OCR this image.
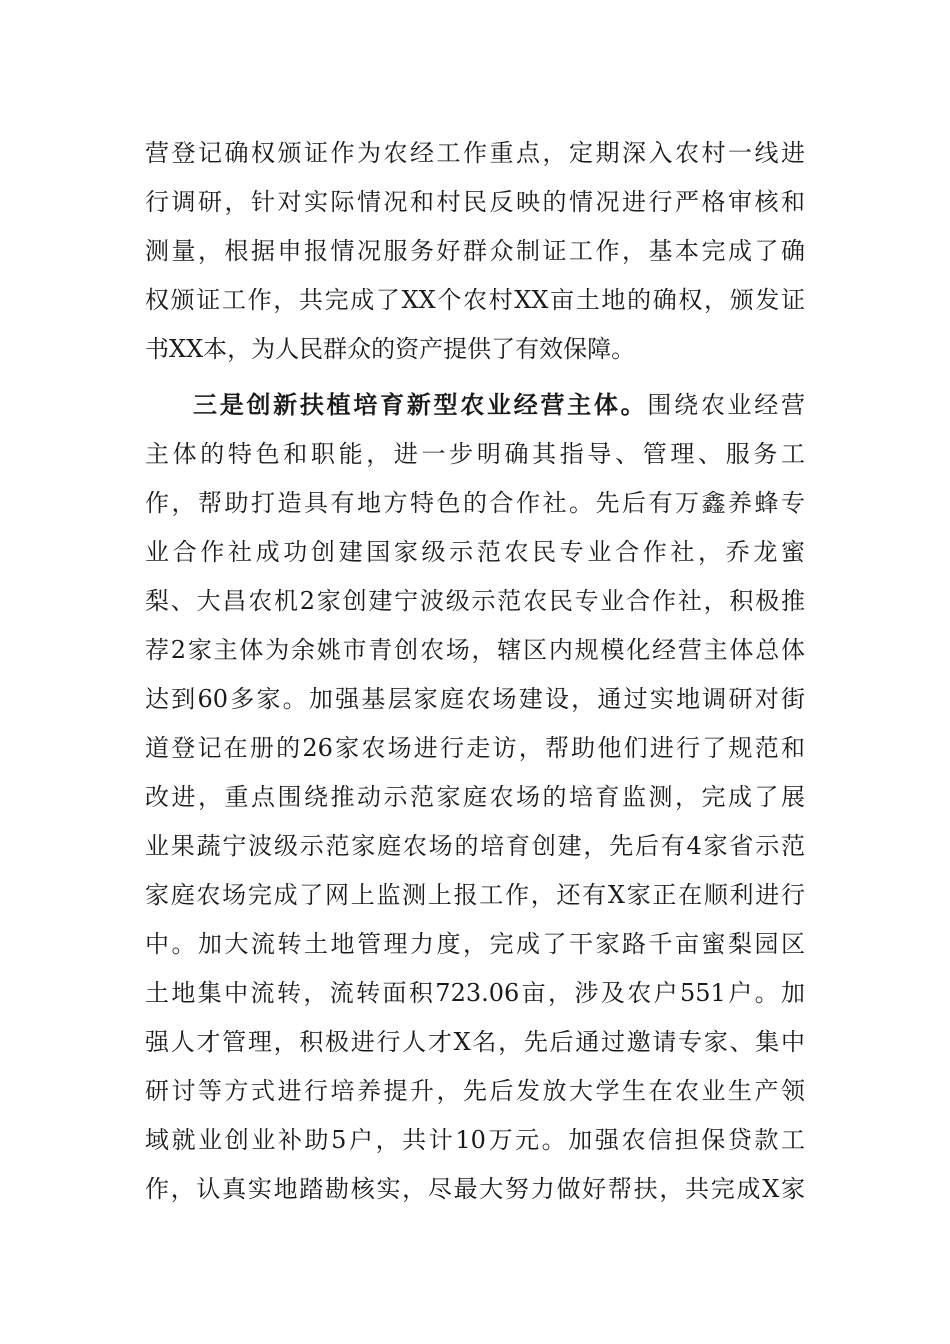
营登记确权颁证作为农经工作重点，定期深入农村一线进
行调研，针对实际情况和村民反映的情况进行严格审核和
测量，根据申报情况服务好群众制证工作，基本完成了确
权颁证工作，共完成了XX个农村XX亩土地的确权，颁发证
书XX本，为人民群众的资产提供了有效保障。
三是创新扶植培育新型农业经营主体。围绕农业经营
主体的特色和职能，进一步明确其指导、管理、服务工
作，帮助打造具有地方特色的合作社。先后有万鑫养蜂专
业合作社成功创建国家级示范农民专业合作社，乔龙蜜
梨、大昌农机2家创建宁波级示范农民专业合作社，积极推
荐2家主体为余姚市青创农场，辖区内规模化经营主体总体
达到60多家。加强基层家庭农场建设，通过实地调研对街
道登记在册的26家农场进行走访，帮助他们进行了规范和
改进，重点围绕推动示范家庭农场的培育监测，完成了展
业果蔬宁波级示范家庭农场的培育创建，先后有4家省示范
家庭农场完成了网上监测上报工作，还有X家正在顺利进行
中。加大流转土地管理力度，完成了干家路千亩蜜梨园区
土地集中流转，流转面积723.06亩，涉及农户551户。加
强人才管理，积极进行人才X名，先后通过邀请专家、集中
研讨等方式进行培养提升，先后发放大学生在农业生产领
域就业创业补助5户，共计10万元。加强农信担保贷款工
作，认真实地踏勘核实，尽最大努力做好帮扶，共完成X家
